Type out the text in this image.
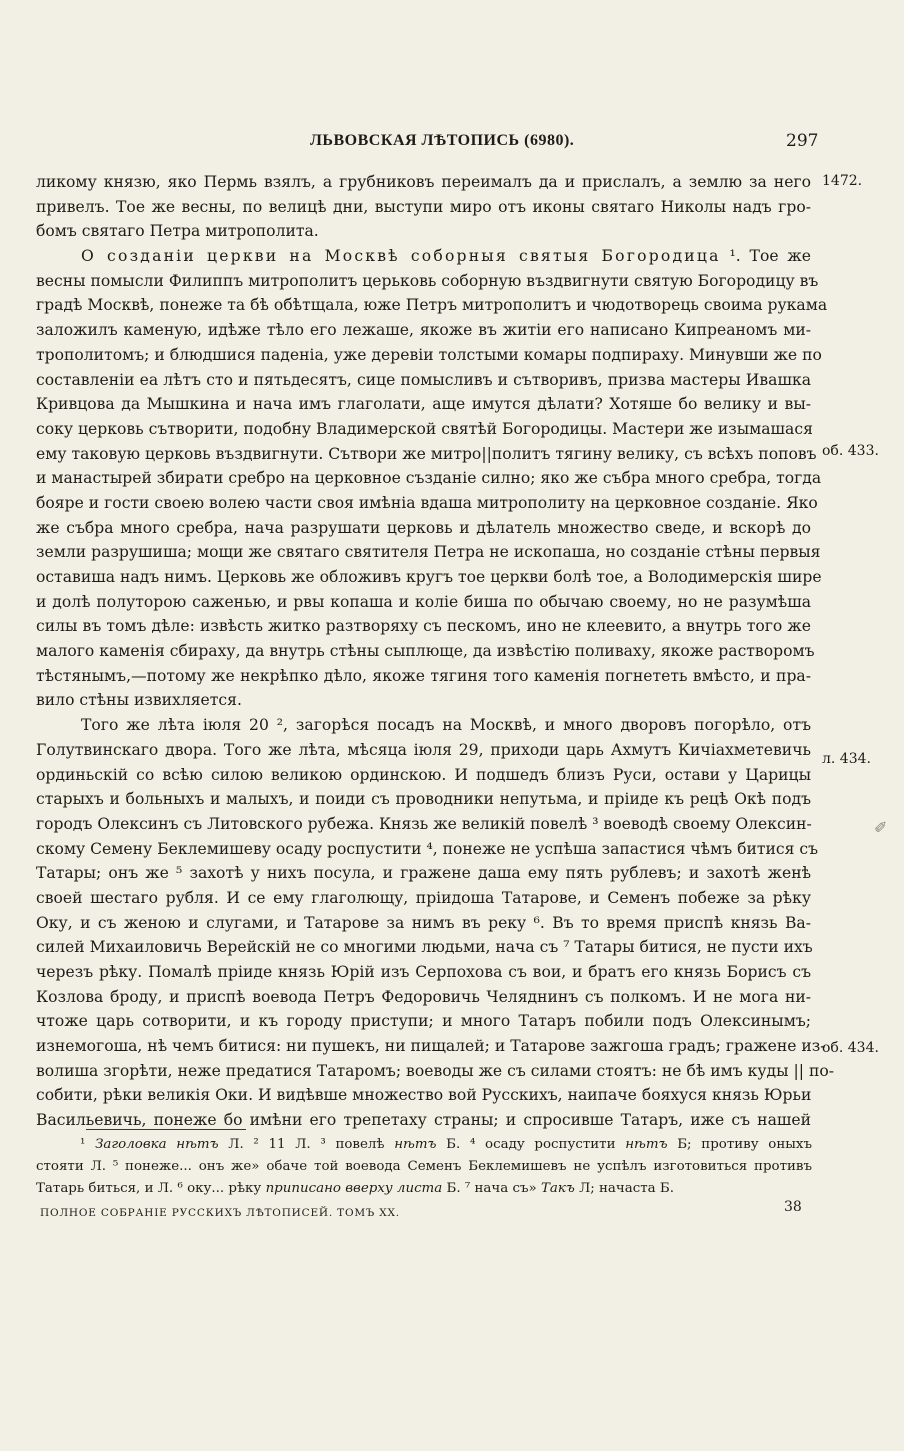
ЛЬВОВСКАЯ ЛѢТОПИСЬ (6980).	297
ликому князю, яко Пермь взялъ, а грубниковъ переималъ да и прислалъ, а землю за него
привелъ. Тое же весны, по велицѣ дни, выступи миро отъ иконы святаго Николы надъ гро-
бомъ святаго Петра митрополита.
О созданіи церкви на Москвѣ соборныя святыя Богородица ¹. Тое же
весны помысли Филиппъ митрополитъ церьковь соборную въздвигнути святую Богородицу въ
градѣ Москвѣ, понеже та бѣ обѣтщала, юже Петръ митрополитъ и чюдотворець своима рукама
заложилъ каменую, идѣже тѣло его лежаше, якоже въ житіи его написано Кипреаномъ ми-
трополитомъ; и блюдшися паденіа, уже деревіи толстыми комары подпираху. Минувши же по
составленіи еа лѣтъ сто и пятьдесятъ, сице помысливъ и сътворивъ, призва мастеры Ивашка
Кривцова да Мышкина и нача имъ глаголати, аще имутся дѣлати? Хотяше бо велику и вы-
соку церковь сътворити, подобну Владимерской святѣй Богородицы. Мастери же изымашася
ему таковую церковь въздвигнути. Сътвори же митро||политъ тягину велику, съ всѣхъ поповъ
и манастырей збирати сребро на церковное създаніе силно; яко же събра много сребра, тогда
бояре и гости своею волею части своя имѣніа вдаша митрополиту на церковное созданіе. Яко
же събра много сребра, нача разрушати церковь и дѣлатель множество сведе, и вскорѣ до
земли разрушиша; мощи же святаго святителя Петра не ископаша, но созданіе стѣны первыя
оставиша надъ нимъ. Церковь же обложивъ кругъ тое церкви болѣ тое, а Володимерскія шире
и долѣ полуторою саженью, и рвы копаша и коліе биша по обычаю своему, но не разумѣша
силы въ томъ дѣле: извѣсть житко разтворяху съ пескомъ, ино не клеевито, а внутрь того же
малого каменія сбираху, да внутрь стѣны сыплюще, да извѣстію поливаху, якоже растворомъ
тѣстянымъ,—потому же некрѣпко дѣло, якоже тягиня того каменія погнететь вмѣсто, и пра-
вило стѣны извихляется.
Того же лѣта іюля 20 ², загорѣся посадъ на Москвѣ, и много дворовъ погорѣло, отъ
Голутвинскаго двора. Того же лѣта, мѣсяца іюля 29, приходи царь Ахмутъ Кичіахметевичь
ординьскій со всѣю силою великою ординскою. И подшедъ близъ Руси, остави у Царицы
старыхъ и больныхъ и малыхъ, и поиди съ проводники непутьма, и пріиде къ рецѣ Окѣ подъ
городъ Олексинъ съ Литовского рубежа. Князь же великій повелѣ ³ воеводѣ своему Олексин-
скому Семену Беклемишеву осаду роспустити ⁴, понеже не успѣша запастися чѣмъ битися съ
Татары; онъ же ⁵ захотѣ у нихъ посула, и гражене даша ему пять рублевъ; и захотѣ женѣ
своей шестаго рубля. И се ему глаголющу, пріидоша Татарове, и Семенъ побеже за рѣку
Оку, и съ женою и слугами, и Татарове за нимъ въ реку ⁶. Въ то время приспѣ князь Ва-
силей Михаиловичь Верейскій не со многими людьми, нача съ ⁷ Татары битися, не пусти ихъ
черезъ рѣку. Помалѣ пріиде князь Юрій изъ Серпохова съ вои, и братъ его князь Борисъ съ
Козлова броду, и приспѣ воевода Петръ Федоровичь Челяднинъ съ полкомъ. И не мога ни-
чтоже царь сотворити, и къ городу приступи; и много Татаръ побили подъ Олексинымъ;
изнемогоша, нѣ чемъ битися: ни пушекъ, ни пищалей; и Татарове зажгоша градъ; гражене из-
волиша згорѣти, неже предатися Татаромъ; воеводы же съ силами стоятъ: не бѣ имъ куды || по-
собити, рѣки великія Оки. И видѣвше множество вой Русскихъ, наипаче бояхуся князь Юрьи
Васильевичь, понеже бо имѣни его трепетаху страны; и спросивше Татаръ, иже съ нашей
1472.
об. 433.
л. 434.
об. 434.
✐
¹ Заголовка нѣтъ Л. ² 11 Л. ³ повелѣ нѣтъ Б. ⁴ осаду роспустити нѣтъ Б; противу оныхъ
стояти Л. ⁵ понеже... онъ же» обаче той воевода Семенъ Беклемишевъ не успѣлъ изготовиться противъ
Татарь биться, и Л. ⁶ оку... рѣку приписано вверху листа Б. ⁷ нача съ» Такъ Л; начаста Б.
ПОЛНОЕ СОБРАНІЕ РУССКИХЪ ЛѢТОПИСЕЙ. ТОМЪ XX.	38
